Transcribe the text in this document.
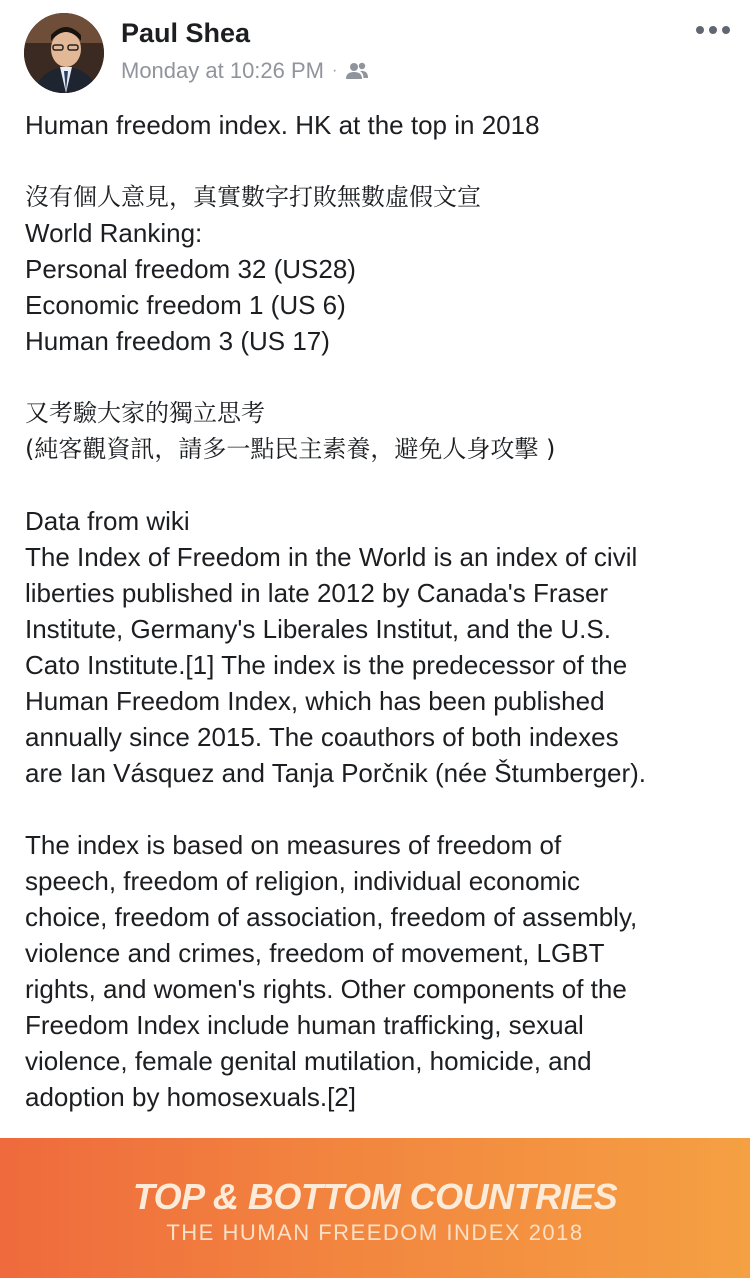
Paul Shea
Monday at 10:26 PM ·

Human freedom index. HK at the top in 2018

沒有個人意見，真實數字打敗無數虛假文宣

World Ranking:

Personal freedom 32 (US28)

Economic freedom 1 (US 6)

Human freedom 3 (US 17)

又考驗大家的獨立思考

(純客觀資訊，請多一點民主素養，避免人身攻擊 )

Data from wiki

The Index of Freedom in the World is an index of civil

liberties published in late 2012 by Canada's Fraser

Institute, Germany's Liberales Institut, and the U.S.

Cato Institute.[1] The index is the predecessor of the

Human Freedom Index, which has been published

annually since 2015. The coauthors of both indexes

are Ian Vásquez and Tanja Porčnik (née Štumberger).

The index is based on measures of freedom of

speech, freedom of religion, individual economic

choice, freedom of association, freedom of assembly,

violence and crimes, freedom of movement, LGBT

rights, and women's rights. Other components of the

Freedom Index include human trafficking, sexual

violence, female genital mutilation, homicide, and

adoption by homosexuals.[2]

TOP & BOTTOM COUNTRIES
THE HUMAN FREEDOM INDEX 2018
